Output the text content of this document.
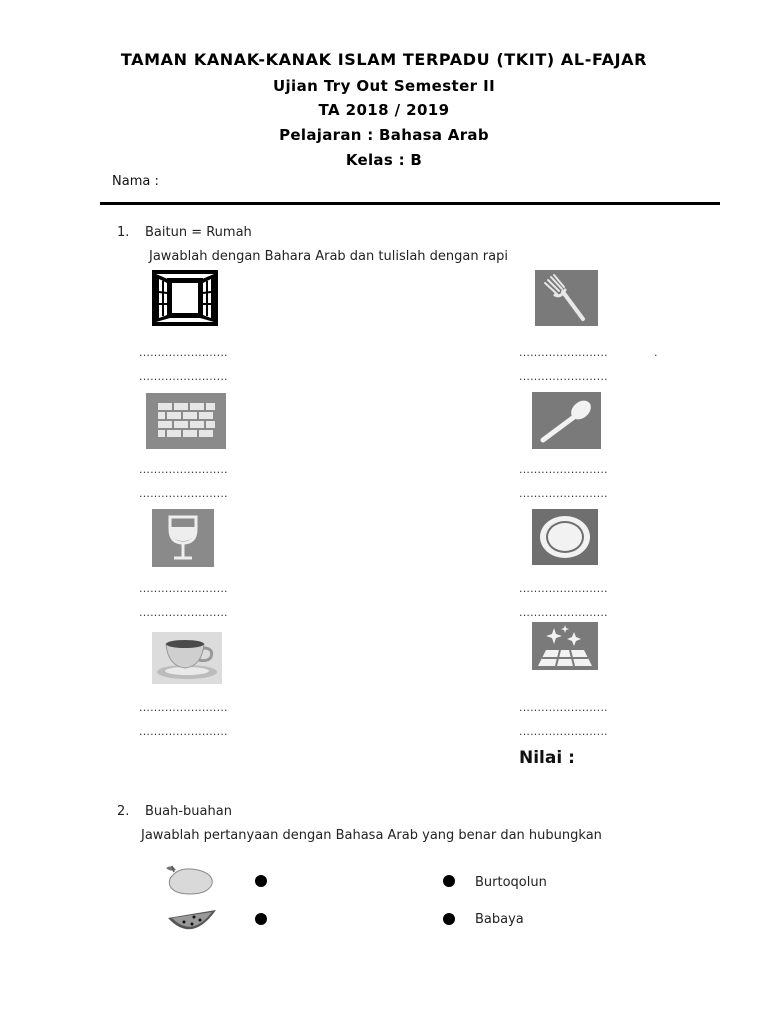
TAMAN KANAK-KANAK ISLAM TERPADU (TKIT) AL-FAJAR
Ujian Try Out Semester II
TA 2018 / 2019
Pelajaran : Bahasa Arab
Kelas : B
Nama :
1. Baitun = Rumah
Jawablah dengan Bahara Arab dan tulislah dengan rapi
........................	........................	.
........................	........................
........................	........................
........................	........................
........................	........................
........................	........................
........................	........................
........................	........................
Nilai :
2. Buah-buahan
Jawablah pertanyaan dengan Bahasa Arab yang benar dan hubungkan
Burtoqolun
Babaya
